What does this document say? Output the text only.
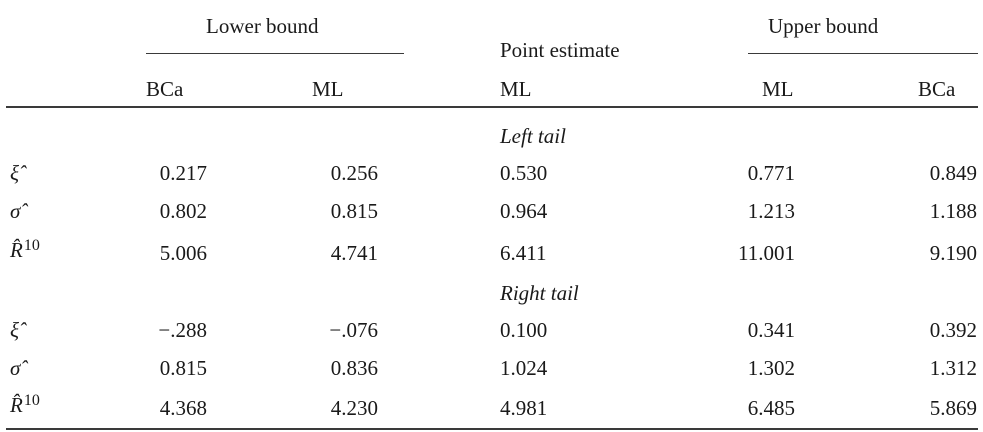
Lower bound
Point estimate
Upper bound
BCa	ML	ML	ML	BCa
Left tail
ξ̂	0.217	0.256	0.530	0.771	0.849
σ̂	0.802	0.815	0.964	1.213	1.188
R̂$^{10}$	5.006	4.741	6.411	11.001	9.190
Right tail
ξ̂	−.288	−.076	0.100	0.341	0.392
σ̂	0.815	0.836	1.024	1.302	1.312
R̂$^{10}$	4.368	4.230	4.981	6.485	5.869
